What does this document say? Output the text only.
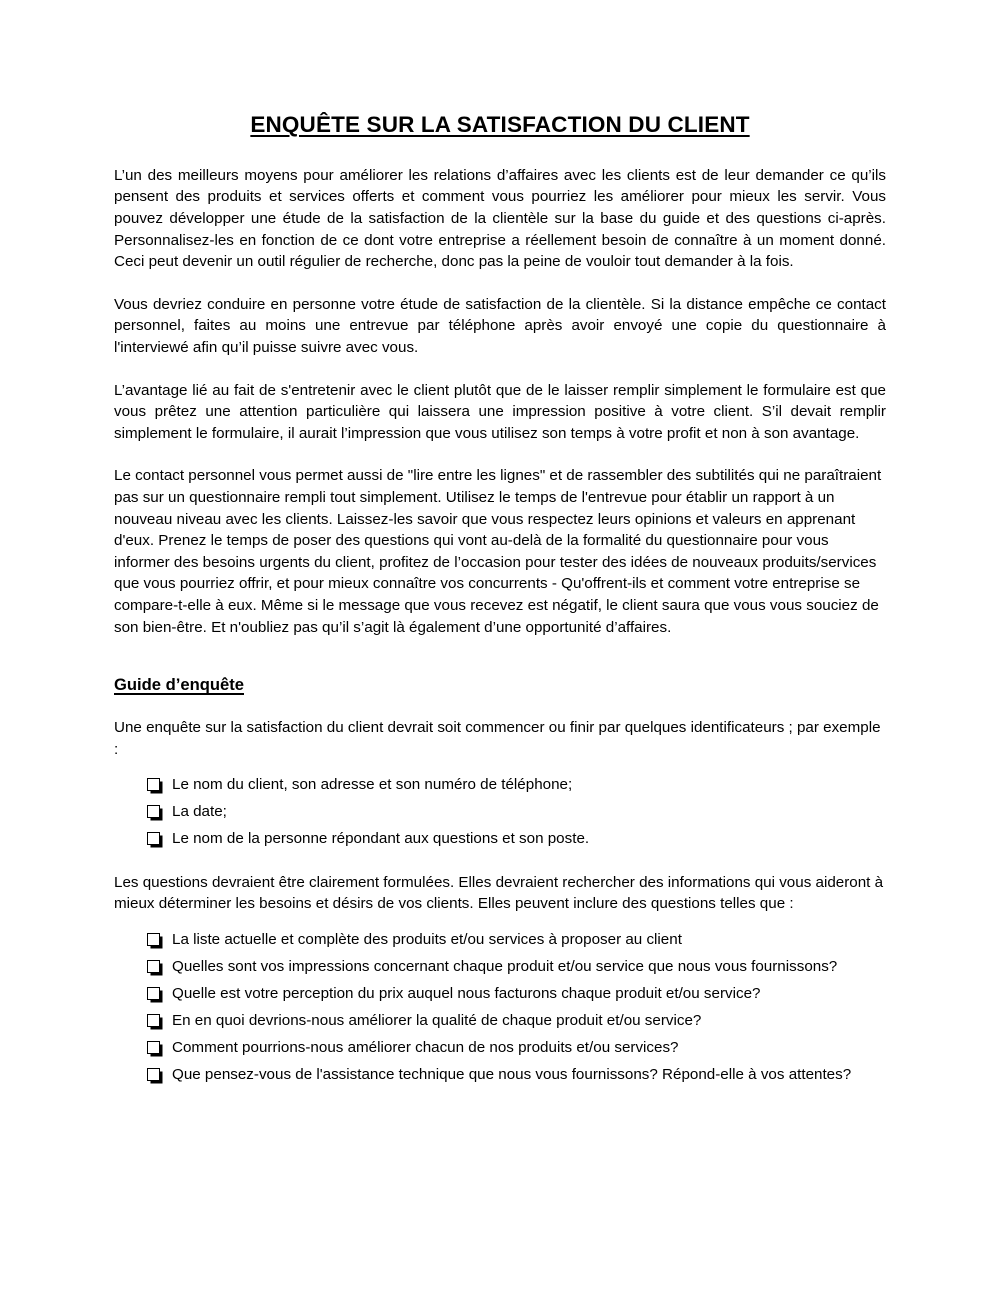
ENQUÊTE SUR LA SATISFACTION DU CLIENT

L’un des meilleurs moyens pour améliorer les relations d’affaires avec les clients est de leur demander ce qu’ils pensent des produits et services offerts et comment vous pourriez les améliorer pour mieux les servir. Vous pouvez développer une étude de la satisfaction de la clientèle sur la base du guide et des questions ci-après. Personnalisez-les en fonction de ce dont votre entreprise a réellement besoin de connaître à un moment donné. Ceci peut devenir un outil régulier de recherche, donc pas la peine de vouloir tout demander à la fois.

Vous devriez conduire en personne votre étude de satisfaction de la clientèle. Si la distance empêche ce contact personnel, faites au moins une entrevue par téléphone après avoir envoyé une copie du questionnaire à l'interviewé afin qu’il puisse suivre avec vous.

L’avantage lié au fait de s'entretenir avec le client plutôt que de le laisser remplir simplement le formulaire est que vous prêtez une attention particulière qui laissera une impression positive à votre client. S’il devait remplir simplement le formulaire, il aurait l’impression que vous utilisez son temps à votre profit et non à son avantage.

Le contact personnel vous permet aussi de "lire entre les lignes" et de rassembler des subtilités qui ne paraîtraient pas sur un questionnaire rempli tout simplement. Utilisez le temps de l'entrevue pour établir un rapport à un nouveau niveau avec les clients. Laissez-les savoir que vous respectez leurs opinions et valeurs en apprenant d'eux. Prenez le temps de poser des questions qui vont au-delà de la formalité du questionnaire pour vous informer des besoins urgents du client, profitez de l’occasion pour tester des idées de nouveaux produits/services que vous pourriez offrir, et pour mieux connaître vos concurrents - Qu'offrent-ils et comment votre entreprise se compare-t-elle à eux. Même si le message que vous recevez est négatif, le client saura que vous vous souciez de son bien-être. Et n'oubliez pas qu’il s’agit là également d’une opportunité d’affaires.

Guide d’enquête

Une enquête sur la satisfaction du client devrait soit commencer ou finir par quelques identificateurs ; par exemple :

Le nom du client, son adresse et son numéro de téléphone;
La date;
Le nom de la personne répondant aux questions et son poste.

Les questions devraient être clairement formulées. Elles devraient rechercher des informations qui vous aideront à mieux déterminer les besoins et désirs de vos clients. Elles peuvent inclure des questions telles que :

La liste actuelle et complète des produits et/ou services à proposer au client
Quelles sont vos impressions concernant chaque produit et/ou service que nous vous fournissons?
Quelle est votre perception du prix auquel nous facturons chaque produit et/ou service?
En en quoi devrions-nous améliorer la qualité de chaque produit et/ou service?
Comment pourrions-nous améliorer chacun de nos produits et/ou services?
Que pensez-vous de l'assistance technique que nous vous fournissons? Répond-elle à vos attentes?
